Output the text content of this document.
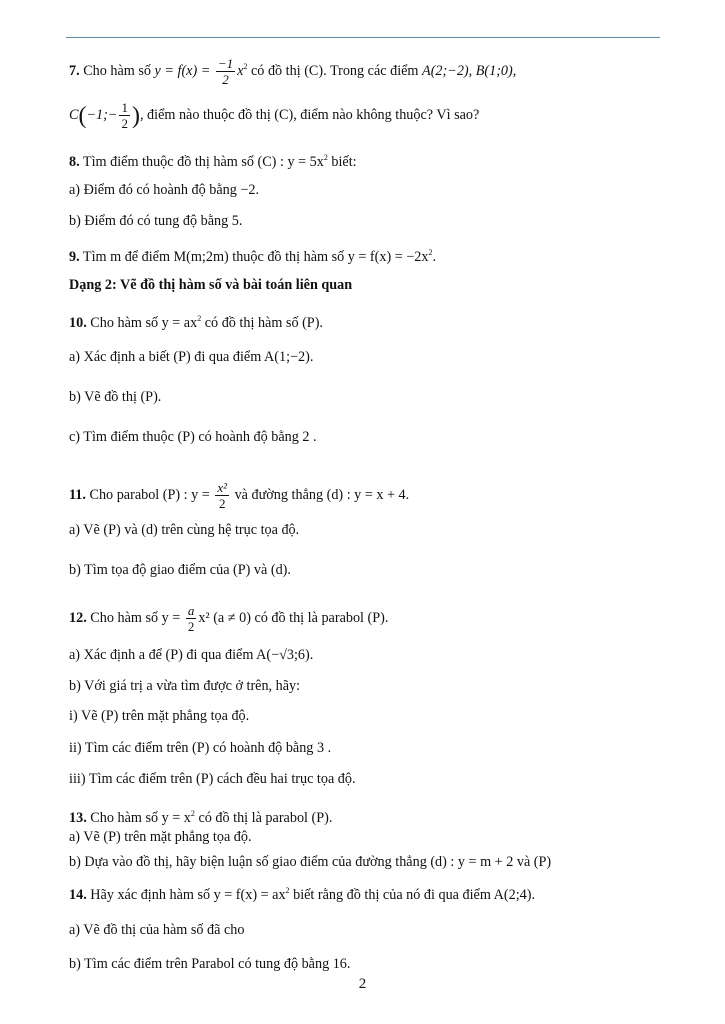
7. Cho hàm số $y = f(x) = \frac{-1}{2} x^2$ có đồ thị (C). Trong các điểm A(2;−2), B(1;0),
C(−1;− $\frac{1}{2}$ ), điểm nào thuộc đồ thị (C), điểm nào không thuộc? Vì sao?
8. Tìm điểm thuộc đồ thị hàm số (C) : $y = 5x^2$ biết:
a) Điểm đó có hoành độ bằng −2.
b) Điểm đó có tung độ bằng 5.
9. Tìm m để điểm M(m;2m) thuộc đồ thị hàm số $y = f(x) = -2x^2$.
Dạng 2: Vẽ đồ thị hàm số và bài toán liên quan
10. Cho hàm số $y = ax^2$ có đồ thị hàm số (P).
a) Xác định a biết (P) đi qua điểm A(1;−2).
b) Vẽ đồ thị (P).
c) Tìm điểm thuộc (P) có hoành độ bằng 2 .
11. Cho parabol (P) : $y = \frac{\text{x²}}{2}$ và đường thẳng (d) : y = x + 4.
a) Vẽ (P) và (d) trên cùng hệ trục tọa độ.
b) Tìm tọa độ giao điểm của (P) và (d).
12. Cho hàm số $y = \frac{a}{2} x^2$ (a ≠ 0) có đồ thị là parabol (P).
a) Xác định a để (P) đi qua điểm A(−√3;6).
b) Với giá trị a vừa tìm được ở trên, hãy:
i) Vẽ (P) trên mặt phẳng tọa độ.
ii) Tìm các điểm trên (P) có hoành độ bằng 3 .
iii) Tìm các điểm trên (P) cách đều hai trục tọa độ.
13. Cho hàm số $y = x^2$ có đồ thị là parabol (P).
a) Vẽ (P) trên mặt phẳng tọa độ.
b) Dựa vào đồ thị, hãy biện luận số giao điểm của đường thẳng (d) : y = m + 2 và (P)
14. Hãy xác định hàm số $y = f(x) = ax^2$ biết rằng đồ thị của nó đi qua điểm A(2;4).
a) Vẽ đồ thị của hàm số đã cho
b) Tìm các điểm trên Parabol có tung độ bằng 16.
2
